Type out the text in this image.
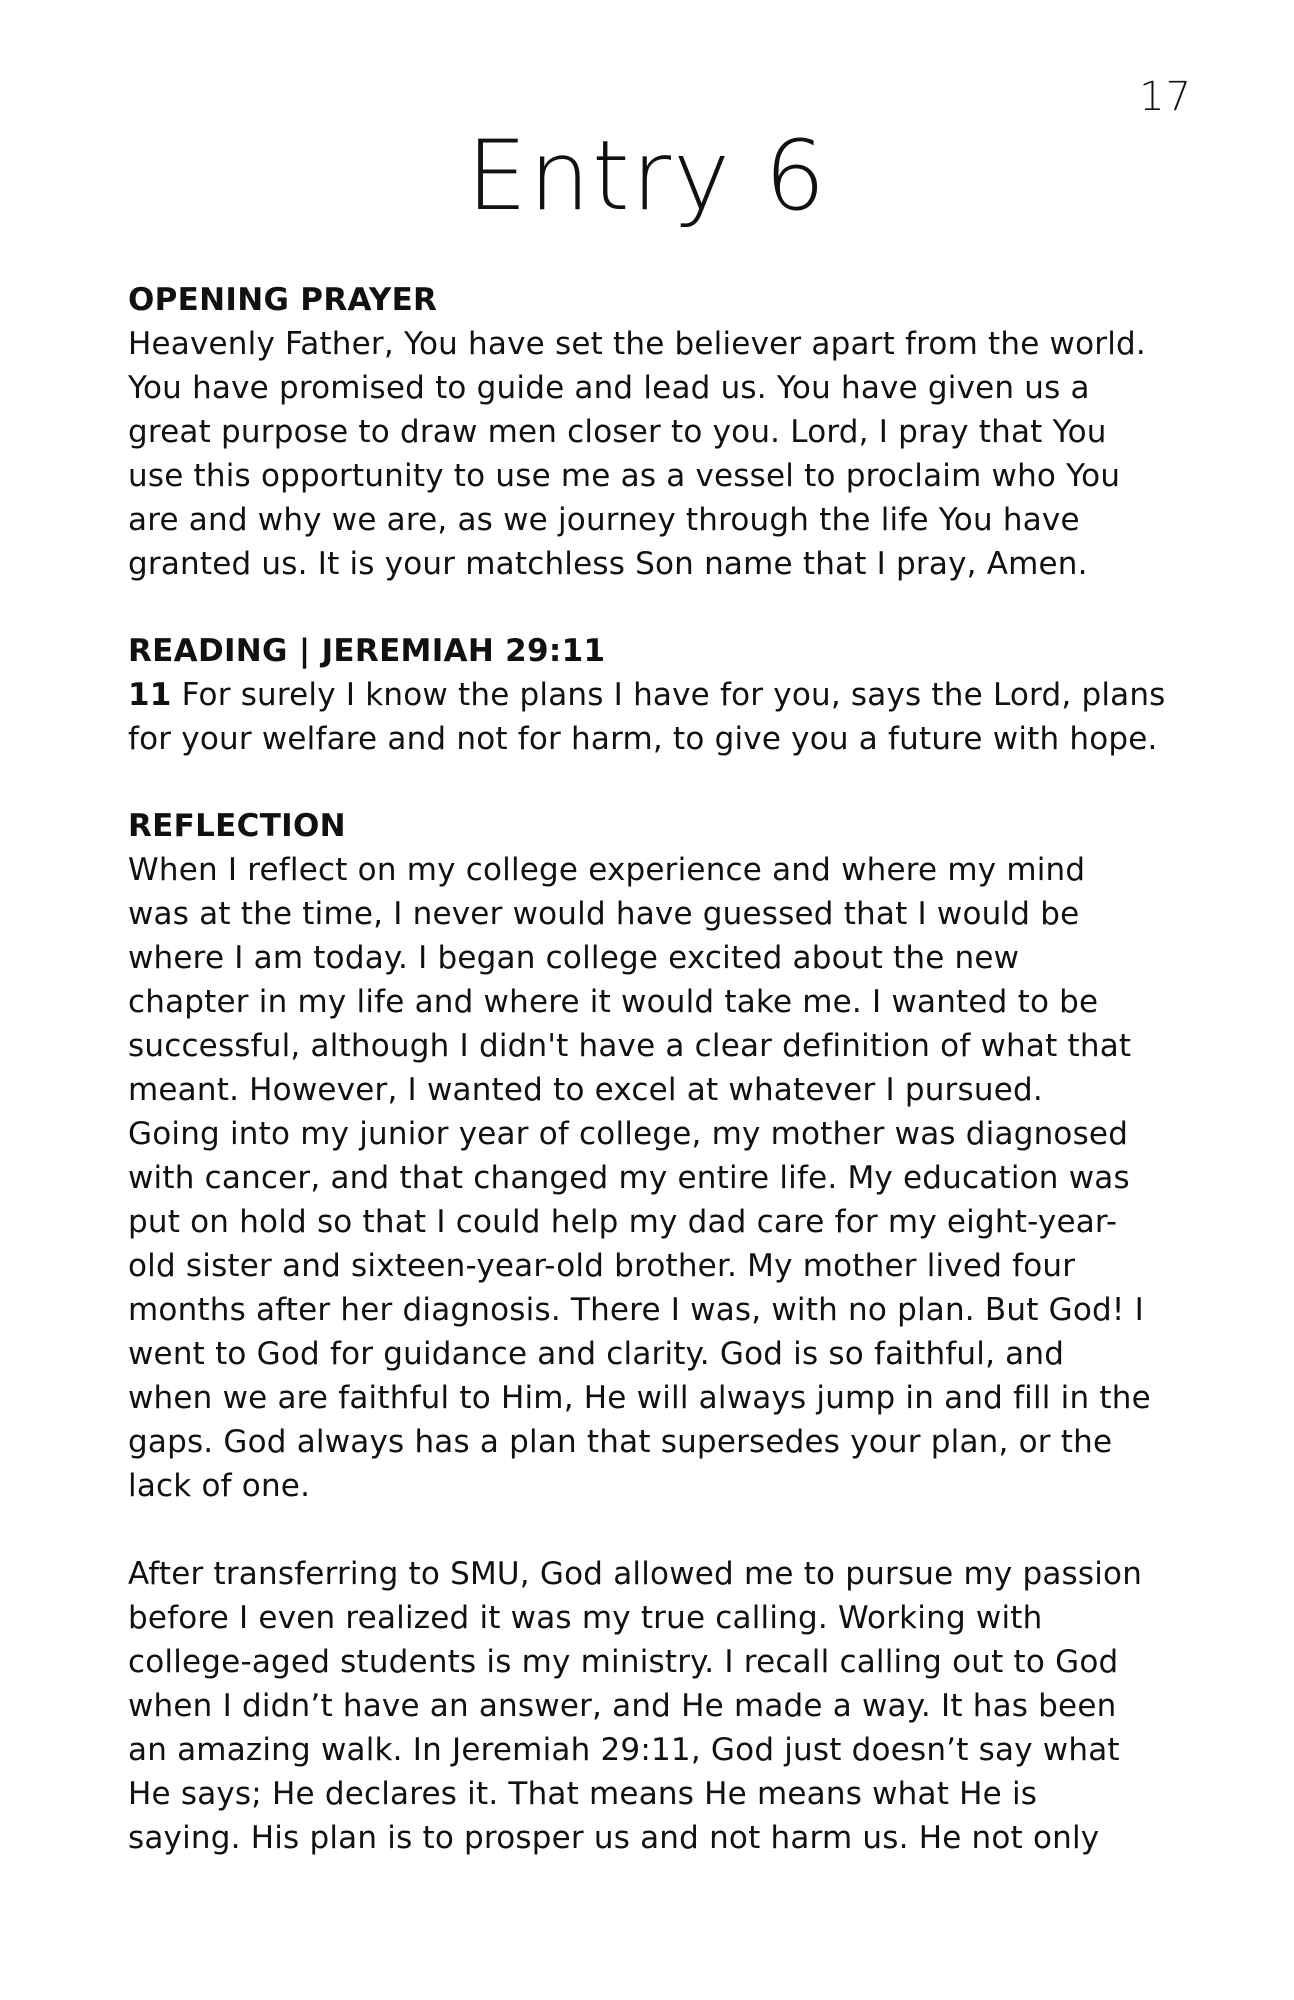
17
Entry 6
OPENING PRAYER

Heavenly Father, You have set the believer apart from the world.
You have promised to guide and lead us. You have given us a
great purpose to draw men closer to you. Lord, I pray that You
use this opportunity to use me as a vessel to proclaim who You
are and why we are, as we journey through the life You have
granted us. It is your matchless Son name that I pray, Amen.

READING | JEREMIAH 29:11

11 For surely I know the plans I have for you, says the Lord, plans
for your welfare and not for harm, to give you a future with hope.

REFLECTION

When I reflect on my college experience and where my mind
was at the time, I never would have guessed that I would be
where I am today. I began college excited about the new
chapter in my life and where it would take me. I wanted to be
successful, although I didn't have a clear definition of what that
meant. However, I wanted to excel at whatever I pursued.
Going into my junior year of college, my mother was diagnosed
with cancer, and that changed my entire life. My education was
put on hold so that I could help my dad care for my eight-year-
old sister and sixteen-year-old brother. My mother lived four
months after her diagnosis. There I was, with no plan. But God! I
went to God for guidance and clarity. God is so faithful, and
when we are faithful to Him, He will always jump in and fill in the
gaps. God always has a plan that supersedes your plan, or the
lack of one.

After transferring to SMU, God allowed me to pursue my passion
before I even realized it was my true calling. Working with
college-aged students is my ministry. I recall calling out to God
when I didn’t have an answer, and He made a way. It has been
an amazing walk. In Jeremiah 29:11, God just doesn’t say what
He says; He declares it. That means He means what He is
saying. His plan is to prosper us and not harm us. He not only
